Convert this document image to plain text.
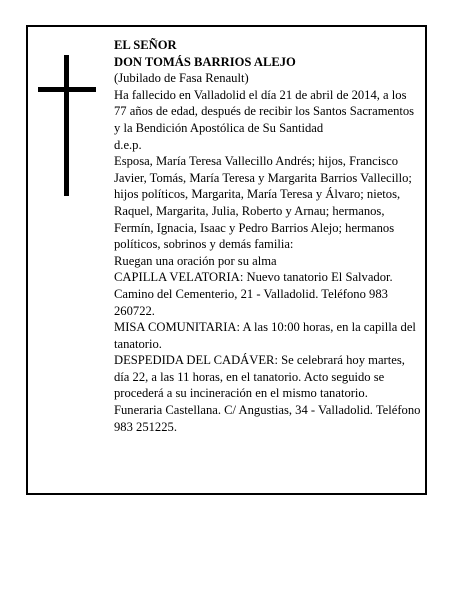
EL SEÑOR
DON TOMÁS BARRIOS ALEJO
(Jubilado de Fasa Renault)
Ha fallecido en Valladolid el día 21 de abril de 2014, a los 77 años de edad, después de recibir los Santos Sacramentos y la Bendición Apostólica de Su Santidad
d.e.p.
Esposa, María Teresa Vallecillo Andrés; hijos, Francisco Javier, Tomás, María Teresa y Margarita Barrios Vallecillo; hijos políticos, Margarita, María Teresa y Álvaro; nietos, Raquel, Margarita, Julia, Roberto y Arnau; hermanos, Fermín, Ignacia, Isaac y Pedro Barrios Alejo; hermanos políticos, sobrinos y demás familia:
Ruegan una oración por su alma
CAPILLA VELATORIA: Nuevo tanatorio El Salvador. Camino del Cementerio, 21 - Valladolid. Teléfono 983 260722.
MISA COMUNITARIA: A las 10:00 horas, en la capilla del tanatorio.
DESPEDIDA DEL CADÁVER: Se celebrará hoy martes, día 22, a las 11 horas, en el tanatorio. Acto seguido se procederá a su incineración en el mismo tanatorio.
Funeraria Castellana. C/ Angustias, 34 - Valladolid. Teléfono 983 251225.
